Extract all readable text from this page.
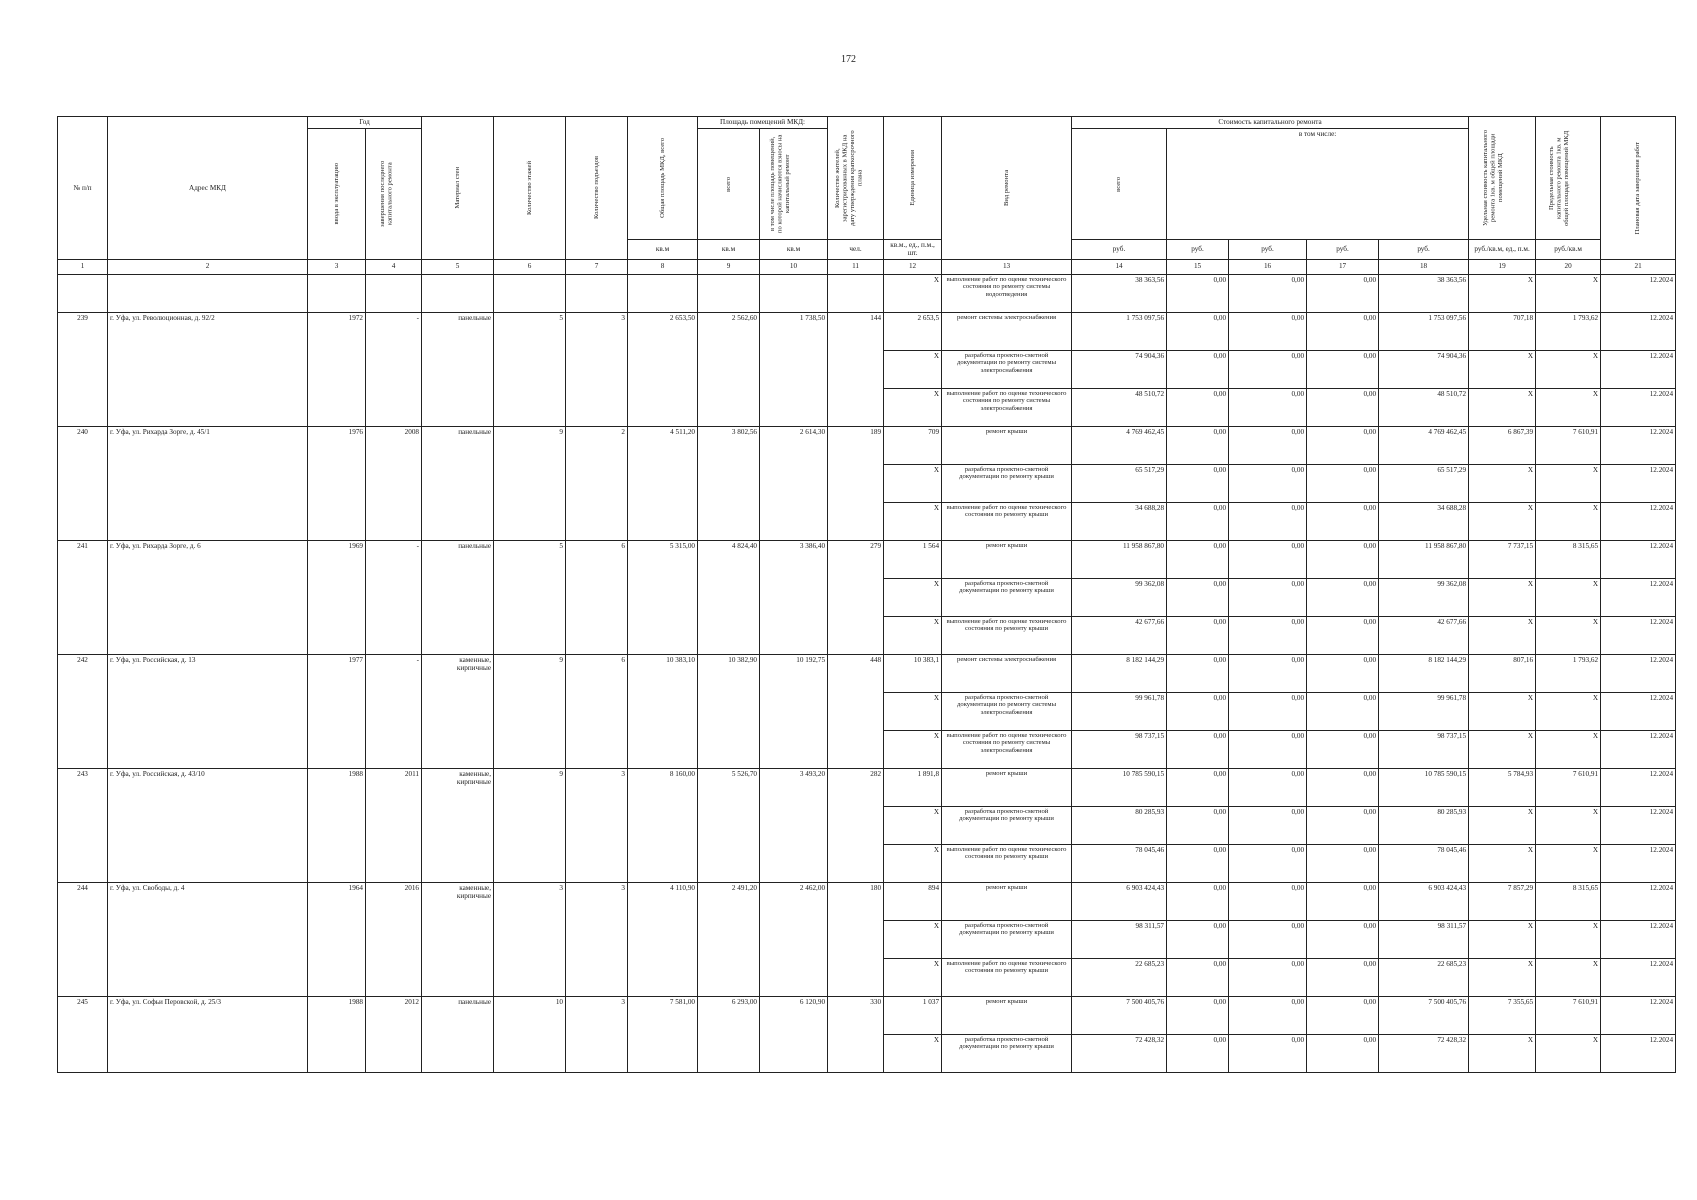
172
№ п/п	Адрес МКД	Год		Материал стен	Количество этажей	Количество подъездов	Общая площадь МКД, всего	Площадь помещений МКД:		Количество жителей, зарегистрированных в МКД на дату утверждения краткосрочного плана	Единица измерения	Вид ремонта	Стоимость капитального ремонта					Удельная стоимость капитального ремонта 1кв. м общей площади помещений МКД	Предельная стоимость капитального ремонта 1кв. м общей площади помещений МКД	Плановая дата завершения работ

		ввода в эксплуатацию	завершения последнего капитального ремонта					всего	в том числе площадь помещений, по которой начисляются взносы на капитальный ремонт				всего	в том числе:						
							кв.м	кв.м	кв.м	чел.	кв.м., ед., п.м., шт.		руб.	руб.	руб.	руб.	руб.	руб./кв.м, ед., п.м.	руб./кв.м	
1	2	3	4	5	6	7	8	9	10	11	12	13	14	15	16	17	18	19	20	21
											X	выполнение работ по оценке технического состояния по ремонту системы водоотведения	38 363,56	0,00	0,00	0,00	38 363,56	X	X	12.2024
239	г. Уфа, ул. Революционная, д. 92/2	1972	-	панельные	5	3	2 653,50	2 562,60	1 738,50	144	2 653,5	ремонт системы электроснабжения	1 753 097,56	0,00	0,00	0,00	1 753 097,56	707,18	1 793,62	12.2024
											X	разработка проектно-сметной документации по ремонту системы электроснабжения	74 904,36	0,00	0,00	0,00	74 904,36	X	X	12.2024
											X	выполнение работ по оценке технического состояния по ремонту системы электроснабжения	48 510,72	0,00	0,00	0,00	48 510,72	X	X	12.2024
240	г. Уфа, ул. Рихарда Зорге, д. 45/1	1976	2008	панельные	9	2	4 511,20	3 802,56	2 614,30	189	709	ремонт крыши	4 769 462,45	0,00	0,00	0,00	4 769 462,45	6 867,39	7 610,91	12.2024
											X	разработка проектно-сметной документации по ремонту крыши	65 517,29	0,00	0,00	0,00	65 517,29	X	X	12.2024
											X	выполнение работ по оценке технического состояния по ремонту крыши	34 688,28	0,00	0,00	0,00	34 688,28	X	X	12.2024
241	г. Уфа, ул. Рихарда Зорге, д. 6	1969	-	панельные	5	6	5 315,00	4 824,40	3 386,40	279	1 564	ремонт крыши	11 958 867,80	0,00	0,00	0,00	11 958 867,80	7 737,15	8 315,65	12.2024
											X	разработка проектно-сметной документации по ремонту крыши	99 362,08	0,00	0,00	0,00	99 362,08	X	X	12.2024
											X	выполнение работ по оценке технического состояния по ремонту крыши	42 677,66	0,00	0,00	0,00	42 677,66	X	X	12.2024
242	г. Уфа, ул. Российская, д. 13	1977	-	каменные, кирпичные	9	6	10 383,10	10 382,90	10 192,75	448	10 383,1	ремонт системы электроснабжения	8 182 144,29	0,00	0,00	0,00	8 182 144,29	807,16	1 793,62	12.2024
											X	разработка проектно-сметной документации по ремонту системы электроснабжения	99 961,78	0,00	0,00	0,00	99 961,78	X	X	12.2024
											X	выполнение работ по оценке технического состояния по ремонту системы электроснабжения	98 737,15	0,00	0,00	0,00	98 737,15	X	X	12.2024
243	г. Уфа, ул. Российская, д. 43/10	1988	2011	каменные, кирпичные	9	3	8 160,00	5 526,70	3 493,20	282	1 891,8	ремонт крыши	10 785 590,15	0,00	0,00	0,00	10 785 590,15	5 784,93	7 610,91	12.2024
											X	разработка проектно-сметной документации по ремонту крыши	80 285,93	0,00	0,00	0,00	80 285,93	X	X	12.2024
											X	выполнение работ по оценке технического состояния по ремонту крыши	78 045,46	0,00	0,00	0,00	78 045,46	X	X	12.2024
244	г. Уфа, ул. Свободы, д. 4	1964	2016	каменные, кирпичные	3	3	4 110,90	2 491,20	2 462,00	180	894	ремонт крыши	6 903 424,43	0,00	0,00	0,00	6 903 424,43	7 857,29	8 315,65	12.2024
											X	разработка проектно-сметной документации по ремонту крыши	98 311,57	0,00	0,00	0,00	98 311,57	X	X	12.2024
											X	выполнение работ по оценке технического состояния по ремонту крыши	22 685,23	0,00	0,00	0,00	22 685,23	X	X	12.2024
245	г. Уфа, ул. Софьи Перовской, д. 25/3	1988	2012	панельные	10	3	7 581,00	6 293,00	6 120,90	330	1 037	ремонт крыши	7 500 405,76	0,00	0,00	0,00	7 500 405,76	7 355,65	7 610,91	12.2024
											X	разработка проектно-сметной документации по ремонту крыши	72 428,32	0,00	0,00	0,00	72 428,32	X	X	12.2024
